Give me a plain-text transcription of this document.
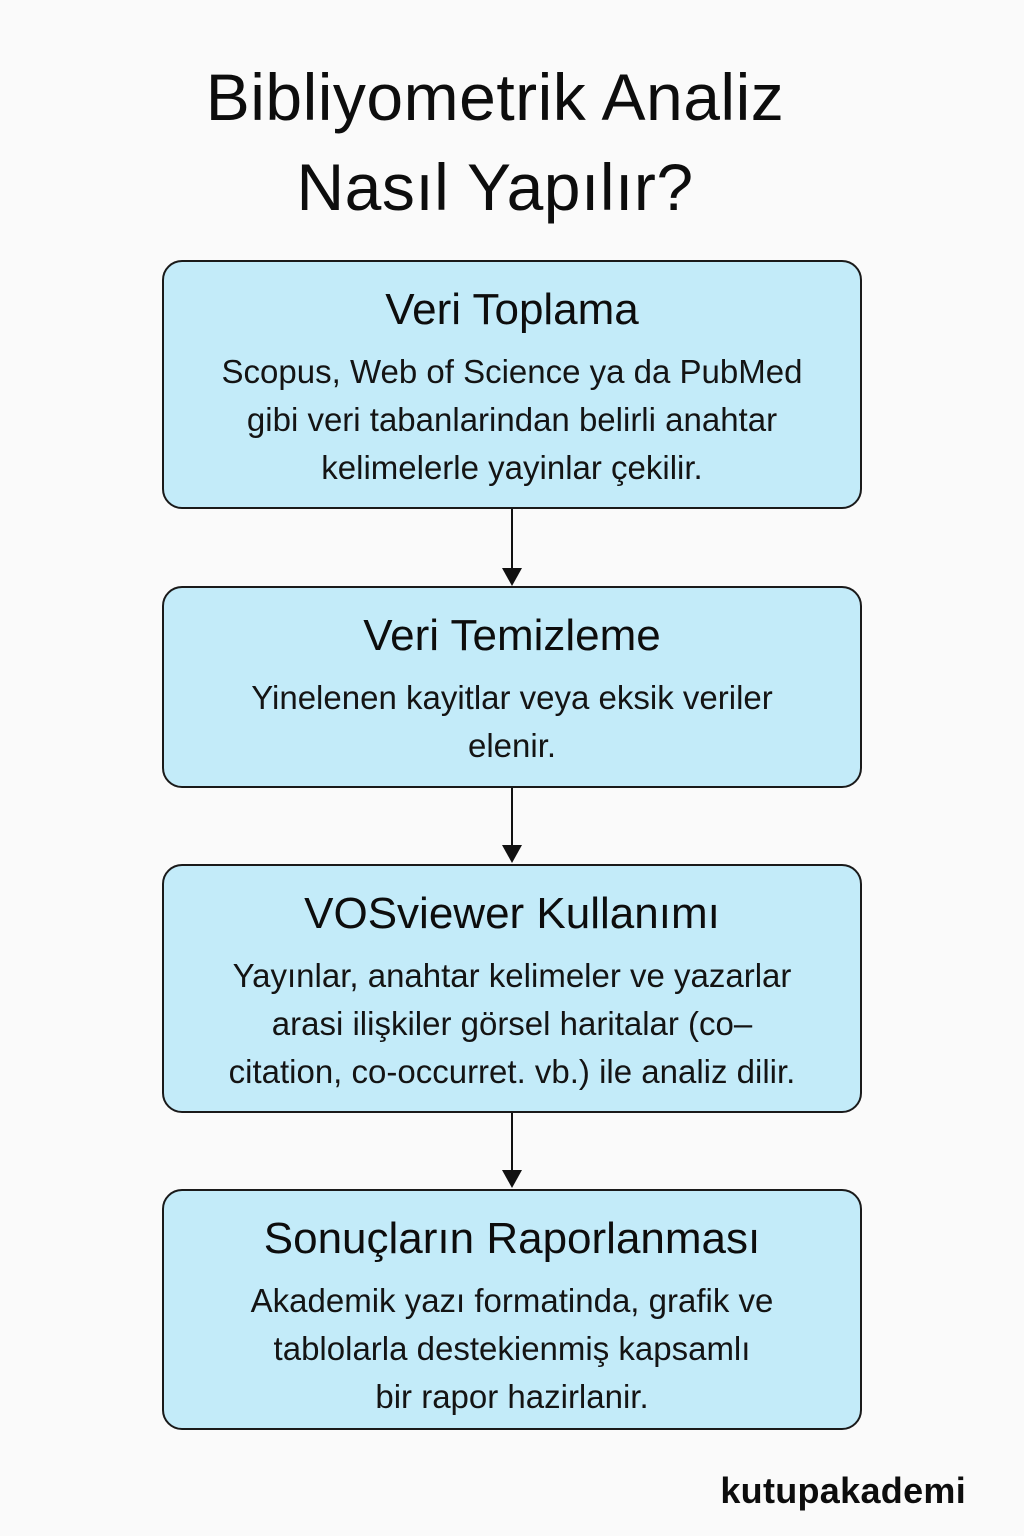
Bibliyometrik Analiz
Nasıl Yapılır?
Veri Toplama
Scopus, Web of Science ya da PubMed
gibi veri tabanlarindan belirli anahtar
kelimelerle yayinlar çekilir.
Veri Temizleme
Yinelenen kayitlar veya eksik veriler
elenir.
VOSviewer Kullanımı
Yayınlar, anahtar kelimeler ve yazarlar
arasi ilişkiler görsel haritalar (co–
citation, co-occurret. vb.) ile analiz dilir.
Sonuçların Raporlanması
Akademik yazı formatinda, grafik ve
tablolarla destekienmiş kapsamlı
bir rapor hazirlanir.
kutupakademi
